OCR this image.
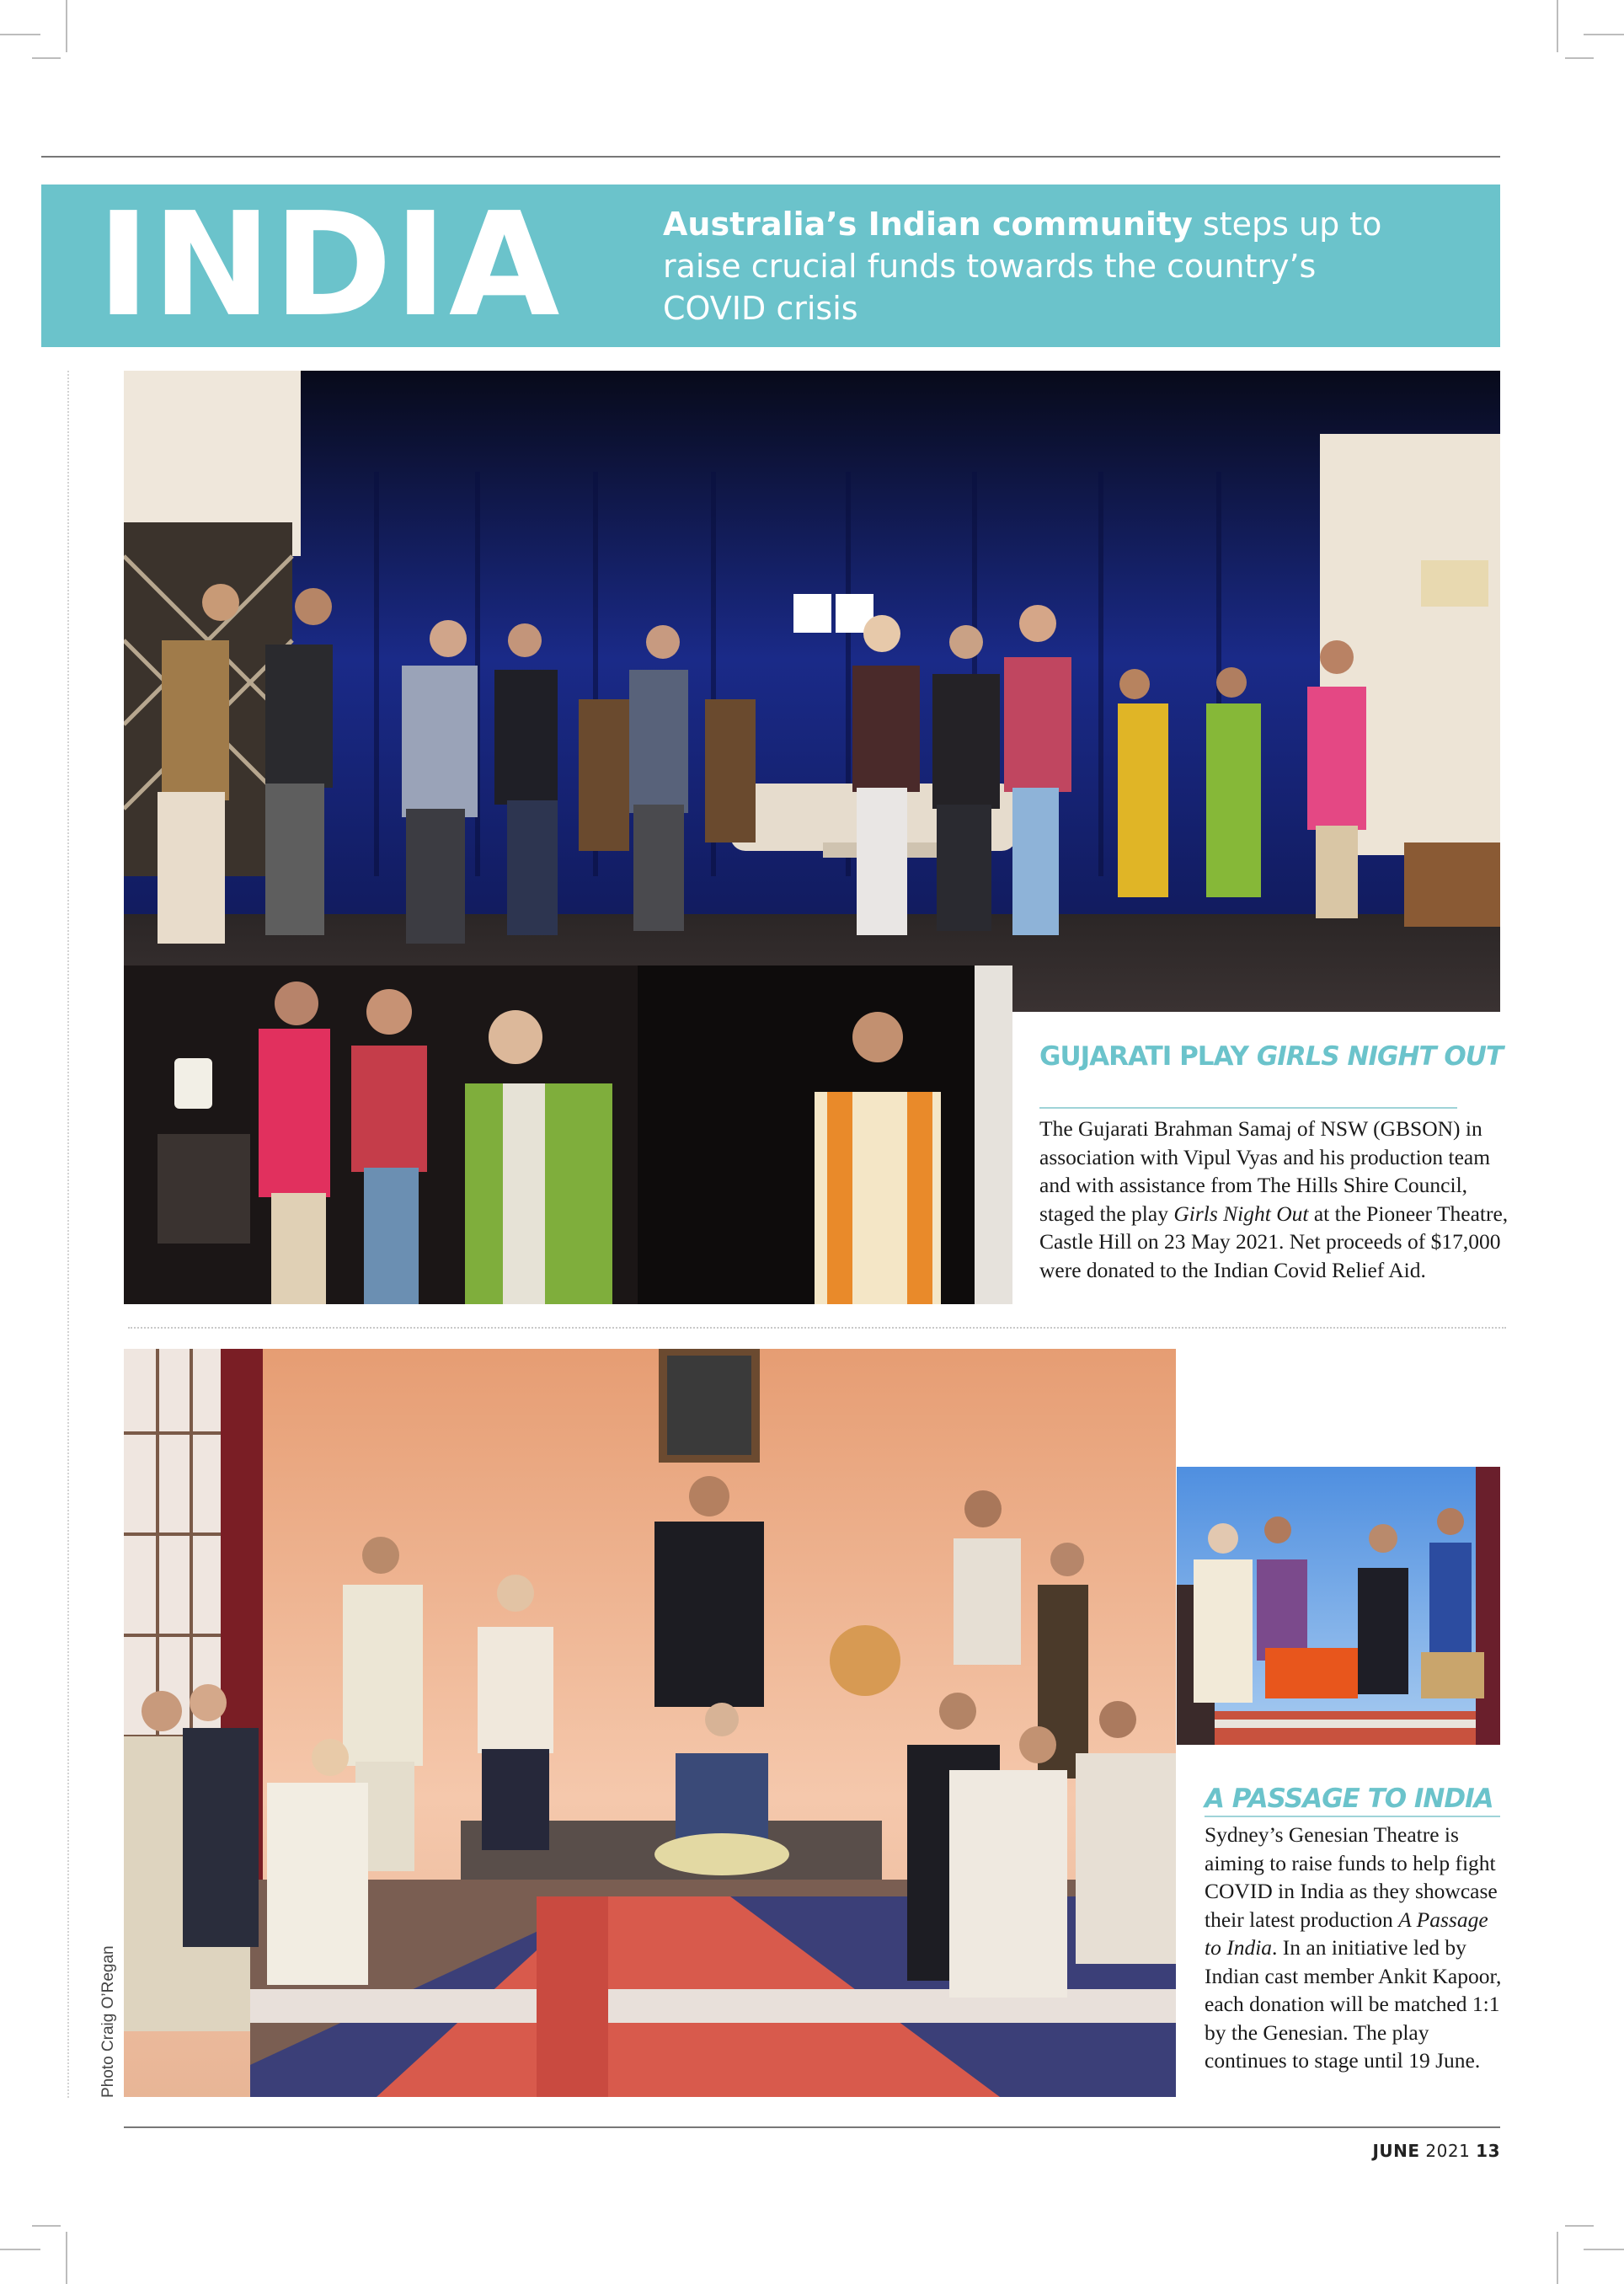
INDIA	Australia’s Indian community steps up to raise crucial funds towards the country’s COVID crisis
GUJARATI PLAY GIRLS NIGHT OUT
The Gujarati Brahman Samaj of NSW (GBSON) in association with Vipul Vyas and his production team and with assistance from The Hills Shire Council, staged the play Girls Night Out at the Pioneer Theatre, Castle Hill on 23 May 2021. Net proceeds of $17,000 were donated to the Indian Covid Relief Aid.
A PASSAGE TO INDIA
Sydney’s Genesian Theatre is aiming to raise funds to help fight COVID in India as they showcase their latest production A Passage to India. In an initiative led by Indian cast member Ankit Kapoor, each donation will be matched 1:1 by the Genesian. The play continues to stage until 19 June.
Photo Craig O’Regan
JUNE 2021 13
